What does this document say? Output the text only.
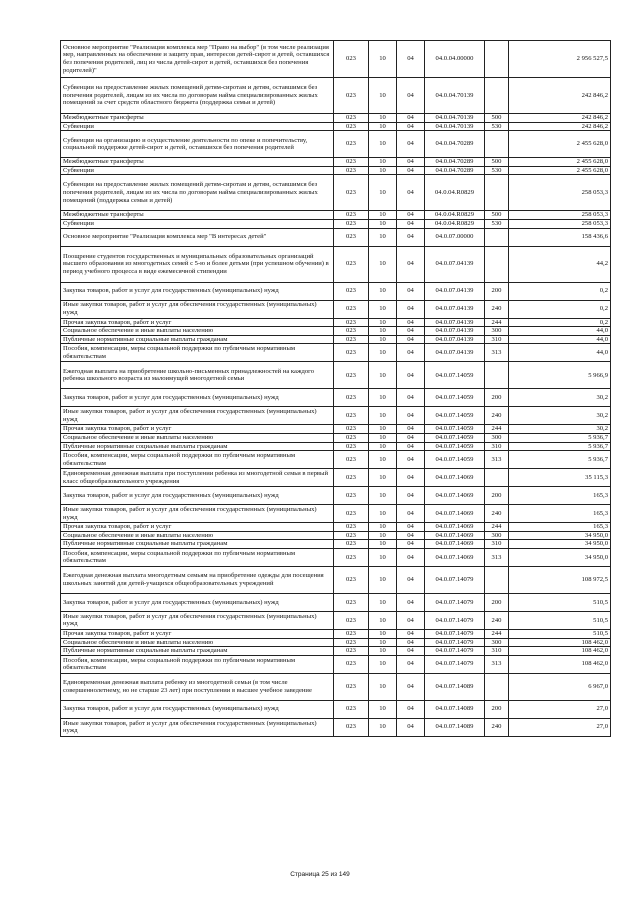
Основное мероприятие "Реализация комплекса мер "Право на выбор" (в том числе реализация мер, направленных на обеспечение и защиту прав, интересов детей-сирот и детей, оставшихся без попечения родителей, лиц из числа детей-сирот и детей, оставшихся без попечения родителей)"	023	10	04	04.0.04.00000		2 956 527,5
Субвенции на предоставление жилых помещений детям-сиротам и детям, оставшимся без попечения родителей, лицам из их числа по договорам найма специализированных жилых помещений за счет средств областного бюджета (поддержка семьи и детей)	023	10	04	04.0.04.70139		242 846,2
Межбюджетные трансферты	023	10	04	04.0.04.70139	500	242 846,2
Субвенции	023	10	04	04.0.04.70139	530	242 846,2
Субвенции на организацию и осуществление деятельности по опеке и попечительству, социальной поддержке детей-сирот и детей, оставшихся без попечения родителей	023	10	04	04.0.04.70289		2 455 628,0
Межбюджетные трансферты	023	10	04	04.0.04.70289	500	2 455 628,0
Субвенции	023	10	04	04.0.04.70289	530	2 455 628,0
Субвенции на предоставление жилых помещений детям-сиротам и детям, оставшимся без попечения родителей, лицам из их числа по договорам найма специализированных жилых помещений (поддержка семьи и детей)	023	10	04	04.0.04.R0829		258 053,3
Межбюджетные трансферты	023	10	04	04.0.04.R0829	500	258 053,3
Субвенции	023	10	04	04.0.04.R0829	530	258 053,3
Основное мероприятие "Реализация комплекса мер "В интересах детей"	023	10	04	04.0.07.00000		158 436,6
Поощрение студентов государственных и муниципальных образовательных организаций высшего образования из многодетных семей с 5-ю и более детьми (при успешном обучении) в период учебного процесса в виде ежемесячной стипендии	023	10	04	04.0.07.04139		44,2
Закупка товаров, работ и услуг для государственных (муниципальных) нужд	023	10	04	04.0.07.04139	200	0,2
Иные закупки товаров, работ и услуг для обеспечения государственных (муниципальных) нужд	023	10	04	04.0.07.04139	240	0,2
Прочая закупка товаров, работ и услуг	023	10	04	04.0.07.04139	244	0,2
Социальное обеспечение и иные выплаты населению	023	10	04	04.0.07.04139	300	44,0
Публичные нормативные социальные выплаты гражданам	023	10	04	04.0.07.04139	310	44,0
Пособия, компенсации, меры социальной поддержки по публичным нормативным обязательствам	023	10	04	04.0.07.04139	313	44,0
Ежегодная выплата на приобретение школьно-письменных принадлежностей на каждого ребенка школьного возраста из малоимущей многодетной семьи	023	10	04	04.0.07.14059		5 966,9
Закупка товаров, работ и услуг для государственных (муниципальных) нужд	023	10	04	04.0.07.14059	200	30,2
Иные закупки товаров, работ и услуг для обеспечения государственных (муниципальных) нужд	023	10	04	04.0.07.14059	240	30,2
Прочая закупка товаров, работ и услуг	023	10	04	04.0.07.14059	244	30,2
Социальное обеспечение и иные выплаты населению	023	10	04	04.0.07.14059	300	5 936,7
Публичные нормативные социальные выплаты гражданам	023	10	04	04.0.07.14059	310	5 936,7
Пособия, компенсации, меры социальной поддержки по публичным нормативным обязательствам	023	10	04	04.0.07.14059	313	5 936,7
Единовременная денежная выплата при поступлении ребенка из многодетной семьи в первый класс общеобразовательного учреждения	023	10	04	04.0.07.14069		35 115,3
Закупка товаров, работ и услуг для государственных (муниципальных) нужд	023	10	04	04.0.07.14069	200	165,3
Иные закупки товаров, работ и услуг для обеспечения государственных (муниципальных) нужд	023	10	04	04.0.07.14069	240	165,3
Прочая закупка товаров, работ и услуг	023	10	04	04.0.07.14069	244	165,3
Социальное обеспечение и иные выплаты населению	023	10	04	04.0.07.14069	300	34 950,0
Публичные нормативные социальные выплаты гражданам	023	10	04	04.0.07.14069	310	34 950,0
Пособия, компенсации, меры социальной поддержки по публичным нормативным обязательствам	023	10	04	04.0.07.14069	313	34 950,0
Ежегодная денежная выплата многодетным семьям на приобретение одежды для посещения школьных занятий для детей-учащихся общеобразовательных учреждений	023	10	04	04.0.07.14079		108 972,5
Закупка товаров, работ и услуг для государственных (муниципальных) нужд	023	10	04	04.0.07.14079	200	510,5
Иные закупки товаров, работ и услуг для обеспечения государственных (муниципальных) нужд	023	10	04	04.0.07.14079	240	510,5
Прочая закупка товаров, работ и услуг	023	10	04	04.0.07.14079	244	510,5
Социальное обеспечение и иные выплаты населению	023	10	04	04.0.07.14079	300	108 462,0
Публичные нормативные социальные выплаты гражданам	023	10	04	04.0.07.14079	310	108 462,0
Пособия, компенсации, меры социальной поддержки по публичным нормативным обязательствам	023	10	04	04.0.07.14079	313	108 462,0
Единовременная денежная выплата ребенку из многодетной семьи (в том числе совершеннолетнему, но не старше 23 лет) при поступлении в высшее учебное заведение	023	10	04	04.0.07.14089		6 967,0
Закупка товаров, работ и услуг для государственных (муниципальных) нужд	023	10	04	04.0.07.14089	200	27,0
Иные закупки товаров, работ и услуг для обеспечения государственных (муниципальных) нужд	023	10	04	04.0.07.14089	240	27,0
Страница 25 из 149
